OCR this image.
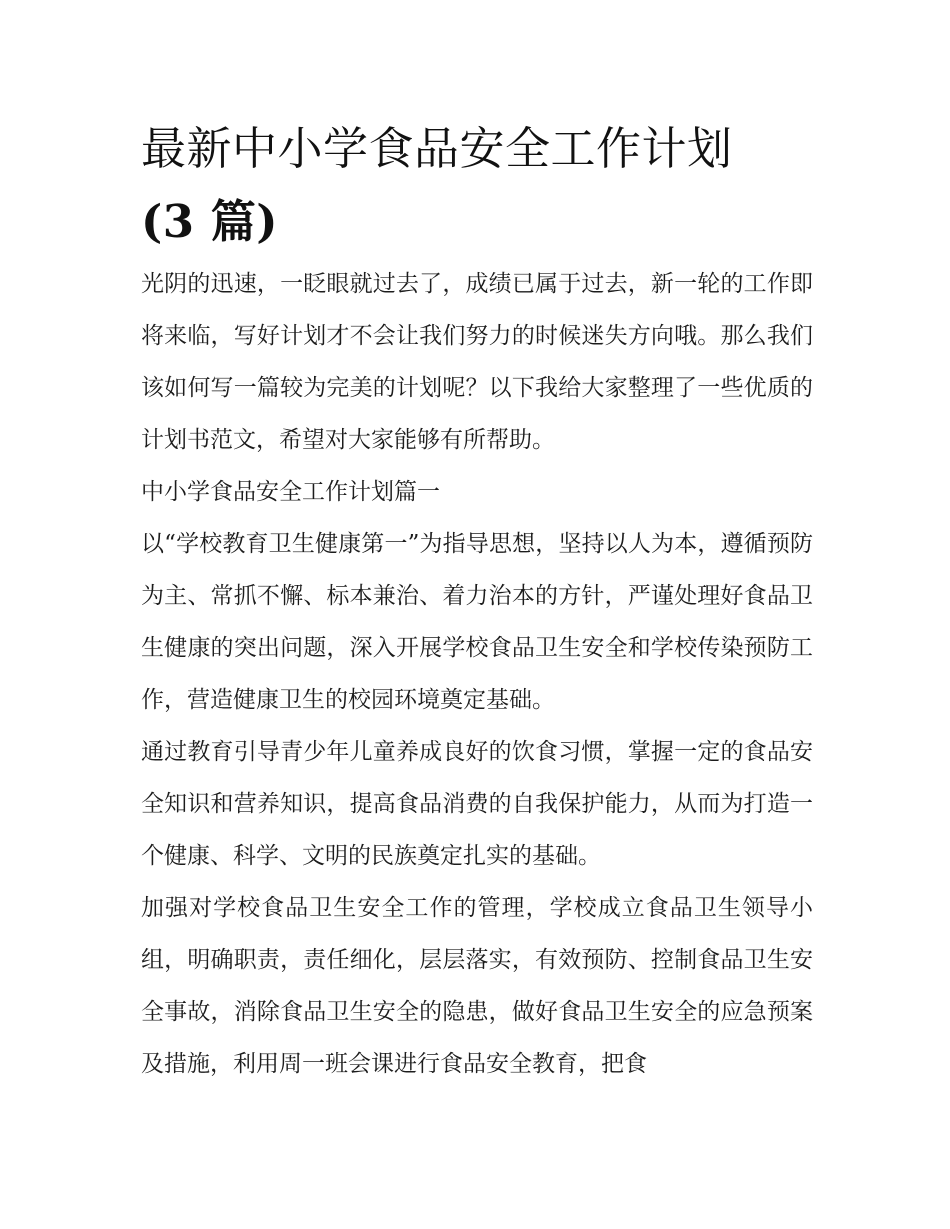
最新中小学食品安全工作计划
(3 篇)

光阴的迅速，一眨眼就过去了，成绩已属于过去，新一轮的工作即将来临，写好计划才不会让我们努力的时候迷失方向哦。那么我们该如何写一篇较为完美的计划呢？以下我给大家整理了一些优质的计划书范文，希望对大家能够有所帮助。

中小学食品安全工作计划篇一

以“学校教育卫生健康第一”为指导思想，坚持以人为本，遵循预防为主、常抓不懈、标本兼治、着力治本的方针，严谨处理好食品卫生健康的突出问题，深入开展学校食品卫生安全和学校传染预防工作，营造健康卫生的校园环境奠定基础。

通过教育引导青少年儿童养成良好的饮食习惯，掌握一定的食品安全知识和营养知识，提高食品消费的自我保护能力，从而为打造一个健康、科学、文明的民族奠定扎实的基础。

加强对学校食品卫生安全工作的管理，学校成立食品卫生领导小组，明确职责，责任细化，层层落实，有效预防、控制食品卫生安全事故，消除食品卫生安全的隐患，做好食品卫生安全的应急预案及措施，利用周一班会课进行食品安全教育，把食
